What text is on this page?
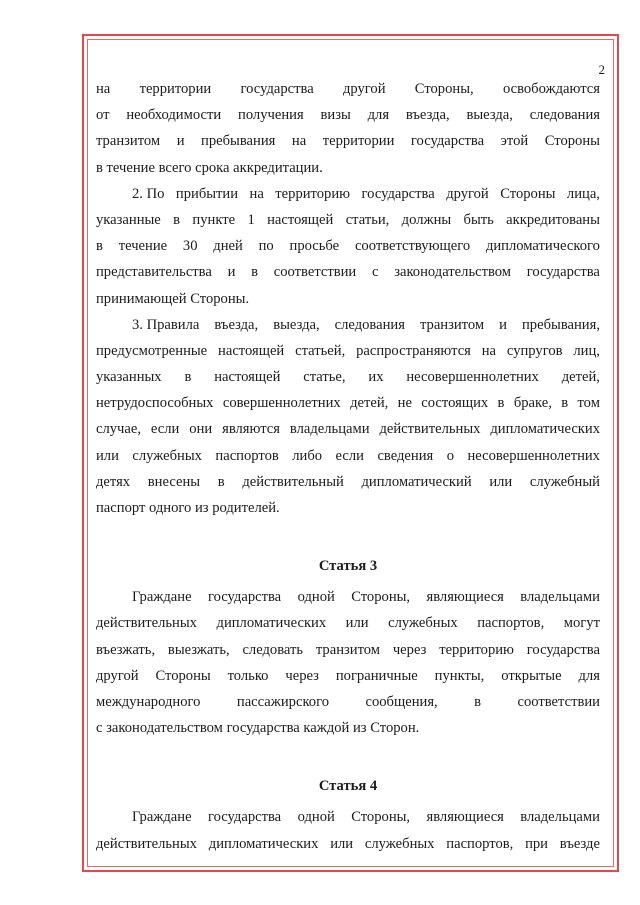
2
на территории государства другой Стороны, освобождаются
от необходимости получения визы для въезда, выезда, следования
транзитом и пребывания на территории государства этой Стороны
в течение всего срока аккредитации.
2. По прибытии на территорию государства другой Стороны лица,
указанные в пункте 1 настоящей статьи, должны быть аккредитованы
в течение 30 дней по просьбе соответствующего дипломатического
представительства и в соответствии с законодательством государства
принимающей Стороны.
3. Правила въезда, выезда, следования транзитом и пребывания,
предусмотренные настоящей статьей, распространяются на супругов лиц,
указанных в настоящей статье, их несовершеннолетних детей,
нетрудоспособных совершеннолетних детей, не состоящих в браке, в том
случае, если они являются владельцами действительных дипломатических
или служебных паспортов либо если сведения о несовершеннолетних
детях внесены в действительный дипломатический или служебный
паспорт одного из родителей.
Статья 3
Граждане государства одной Стороны, являющиеся владельцами
действительных дипломатических или служебных паспортов, могут
въезжать, выезжать, следовать транзитом через территорию государства
другой Стороны только через пограничные пункты, открытые для
международного пассажирского сообщения, в соответствии
с законодательством государства каждой из Сторон.
Статья 4
Граждане государства одной Стороны, являющиеся владельцами
действительных дипломатических или служебных паспортов, при въезде
